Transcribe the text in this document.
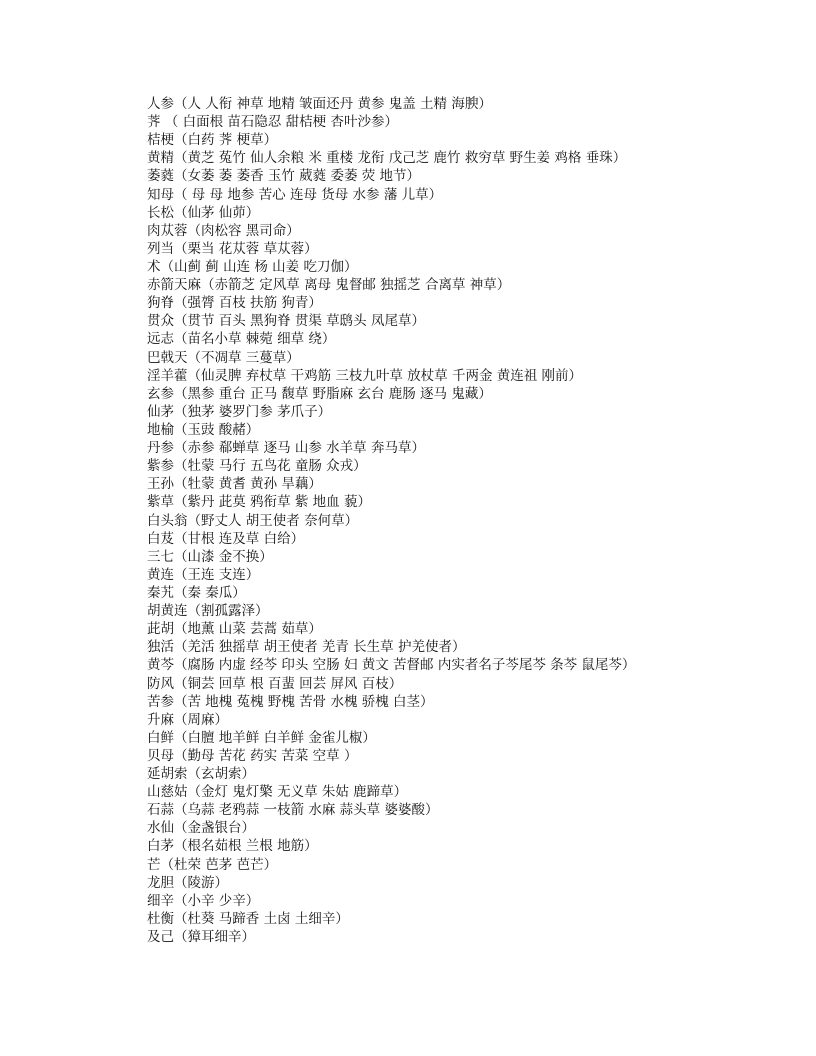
人参（人 人衔 神草 地精 皱面还丹 黄参 鬼盖 土精 海腴）
荠 （ 白面根 苗石隐忍 甜桔梗 杏叶沙参）
桔梗（白药 荠 梗草）
黄精（黄芝 菟竹 仙人余粮 米 重楼 龙衔 戊己芝 鹿竹 救穷草 野生姜 鸡格 垂珠）
萎蕤（女萎 萎 萎香 玉竹 葳蕤 委萎 荧 地节）
知母（ 母 母 地参 苦心 连母 货母 水参 藩 儿草）
长松（仙茅 仙茆）
肉苁蓉（肉松容 黑司命）
列当（栗当 花苁蓉 草苁蓉）
术（山蓟 蓟 山连 杨 山姜 吃刀伽）
赤箭天麻（赤箭芝 定风草 离母 鬼督邮 独摇芝 合离草 神草）
狗脊（强膂 百枝 扶筋 狗青）
贯众（贯节 百头 黑狗脊 贯渠 草鸱头 凤尾草）
远志（苗名小草 棘菀 细草 绕）
巴戟天（不凋草 三蔓草）
淫羊藿（仙灵脾 弃杖草 干鸡筋 三枝九叶草 放杖草 千两金 黄连祖 刚前）
玄参（黑参 重台 正马 馥草 野脂麻 玄台 鹿肠 逐马 鬼藏）
仙茅（独茅 婆罗门参 茅爪子）
地榆（玉豉 酸赭）
丹参（赤参 郗蝉草 逐马 山参 水羊草 奔马草）
紫参（牡蒙 马行 五鸟花 童肠 众戎）
王孙（牡蒙 黄耆 黄孙 旱藕）
紫草（紫丹 茈莫 鸦衔草 紫 地血 藐）
白头翁（野丈人 胡王使者 奈何草）
白芨（甘根 连及草 白给）
三七（山漆 金不换）
黄连（王连 支连）
秦艽（秦 秦瓜）
胡黄连（割孤露泽）
茈胡（地薰 山菜 芸蒿 茹草）
独活（羌活 独摇草 胡王使者 羌青 长生草 护羌使者）
黄芩（腐肠 内虚 经芩 印头 空肠 妇 黄文 苦督邮 内实者名子芩尾芩 条芩 鼠尾芩）
防风（铜芸 回草 根 百蜚 回芸 屏风 百枝）
苦参（苦 地槐 菟槐 野槐 苦骨 水槐 骄槐 白茎）
升麻（周麻）
白鲜（白膻 地羊鲜 白羊鲜 金雀儿椒）
贝母（勤母 苦花 药实 苦菜 空草 ）
延胡索（玄胡索）
山慈姑（金灯 鬼灯檠 无义草 朱姑 鹿蹄草）
石蒜（乌蒜 老鸦蒜 一枝箭 水麻 蒜头草 婆婆酸）
水仙（金盏银台）
白茅（根名茹根 兰根 地筋）
芒（杜荣 芭茅 芭芒）
龙胆（陵游）
细辛（小辛 少辛）
杜衡（杜葵 马蹄香 土卤 土细辛）
及己（獐耳细辛）
